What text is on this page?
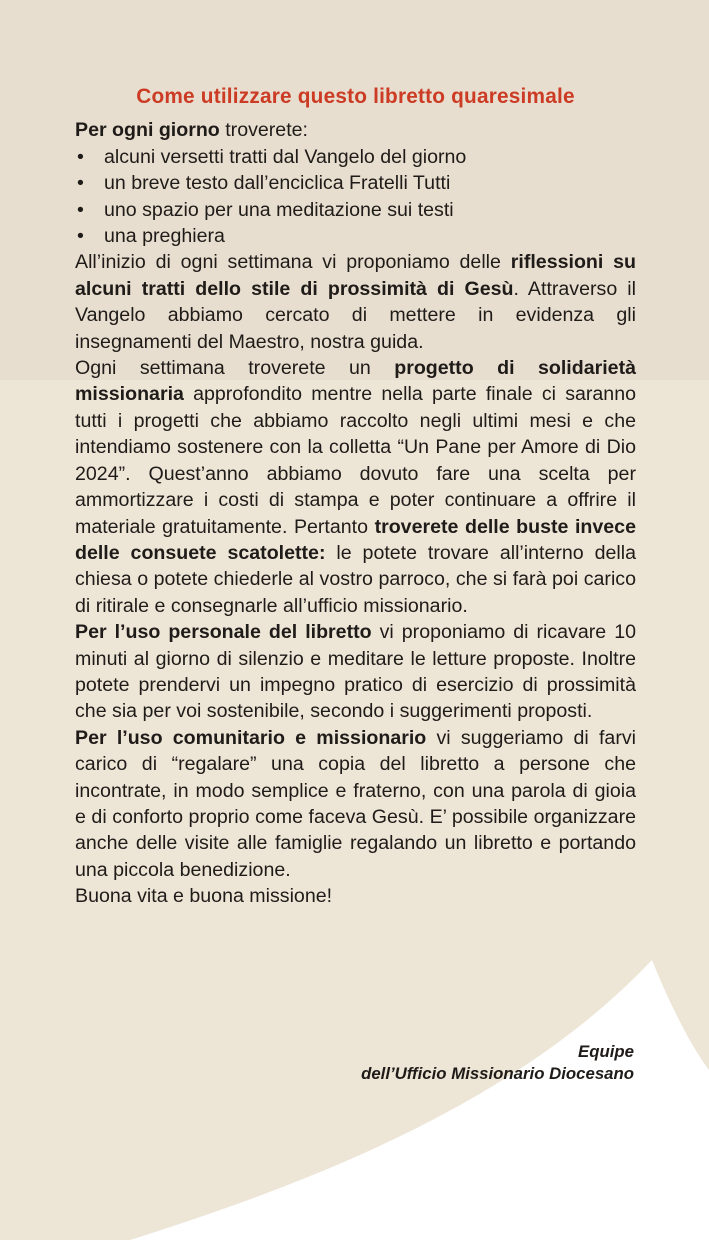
Come utilizzare questo libretto quaresimale

Per ogni giorno troverete:

• alcuni versetti tratti dal Vangelo del giorno
• un breve testo dall’enciclica Fratelli Tutti
• uno spazio per una meditazione sui testi
• una preghiera

All’inizio di ogni settimana vi proponiamo delle riflessioni su alcuni tratti dello stile di prossimità di Gesù. Attraverso il Vangelo abbiamo cercato di mettere in evidenza gli insegnamenti del Maestro, nostra guida.

Ogni settimana troverete un progetto di solidarietà missionaria approfondito mentre nella parte finale ci saranno tutti i progetti che abbiamo raccolto negli ultimi mesi e che intendiamo sostenere con la colletta “Un Pane per Amore di Dio 2024”. Quest’anno abbiamo dovuto fare una scelta per ammortizzare i costi di stampa e poter continuare a offrire il materiale gratuitamente. Pertanto troverete delle buste invece delle consuete scatolette: le potete trovare all’interno della chiesa o potete chiederle al vostro parroco, che si farà poi carico di ritirale e consegnarle all’ufficio missionario.

Per l’uso personale del libretto vi proponiamo di ricavare 10 minuti al giorno di silenzio e meditare le letture proposte. Inoltre potete prendervi un impegno pratico di esercizio di prossimità che sia per voi sostenibile, secondo i suggerimenti proposti.

Per l’uso comunitario e missionario vi suggeriamo di farvi carico di “regalare” una copia del libretto a persone che incontrate, in modo semplice e fraterno, con una parola di gioia e di conforto proprio come faceva Gesù. E’ possibile organizzare anche delle visite alle famiglie regalando un libretto e portando una piccola benedizione.

Buona vita e buona missione!

Equipe
dell’Ufficio Missionario Diocesano
